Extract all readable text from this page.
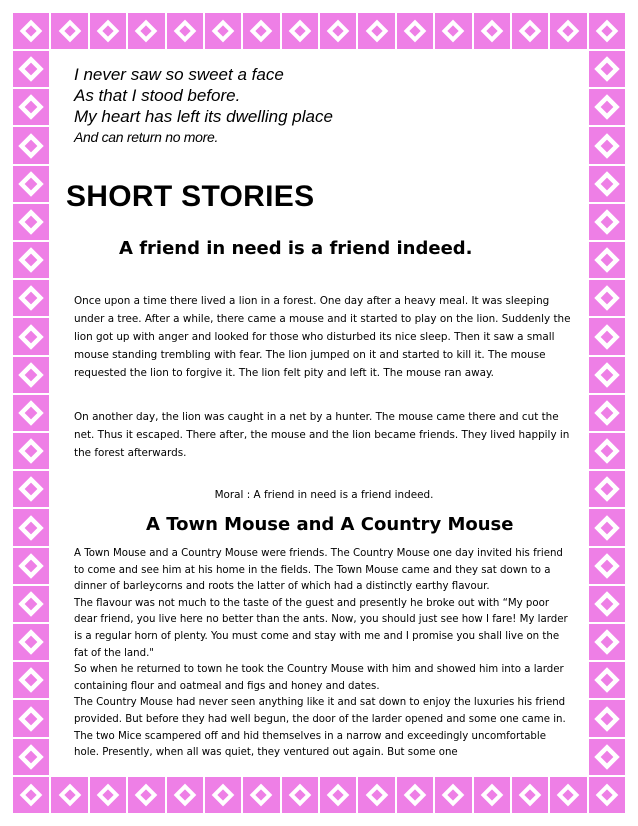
I never saw so sweet a face

As that I stood before.

My heart has left its dwelling place

And can return no more.

SHORT STORIES
A friend in need is a friend indeed.

Once upon a time there lived a lion in a forest. One day after a heavy meal. It was sleeping under a tree. After a while, there came a mouse and it started to play on the lion. Suddenly the lion got up with anger and looked for those who disturbed its nice sleep. Then it saw a small mouse standing trembling with fear. The lion jumped on it and started to kill it. The mouse requested the lion to forgive it. The lion felt pity and left it. The mouse ran away.

On another day, the lion was caught in a net by a hunter. The mouse came there and cut the net. Thus it escaped. There after, the mouse and the lion became friends. They lived happily in the forest afterwards.

Moral : A friend in need is a friend indeed.

A Town Mouse and A Country Mouse

A Town Mouse and a Country Mouse were friends. The Country Mouse one day invited his friend to come and see him at his home in the fields. The Town Mouse came and they sat down to a dinner of barleycorns and roots the latter of which had a distinctly earthy flavour.
The flavour was not much to the taste of the guest and presently he broke out with “My poor dear friend, you live here no better than the ants. Now, you should just see how I fare! My larder is a regular horn of plenty. You must come and stay with me and I promise you shall live on the fat of the land."
So when he returned to town he took the Country Mouse with him and showed him into a larder containing flour and oatmeal and figs and honey and dates.
The Country Mouse had never seen anything like it and sat down to enjoy the luxuries his friend provided. But before they had well begun, the door of the larder opened and some one came in. The two Mice scampered off and hid themselves in a narrow and exceedingly uncomfortable hole. Presently, when all was quiet, they ventured out again. But some one
